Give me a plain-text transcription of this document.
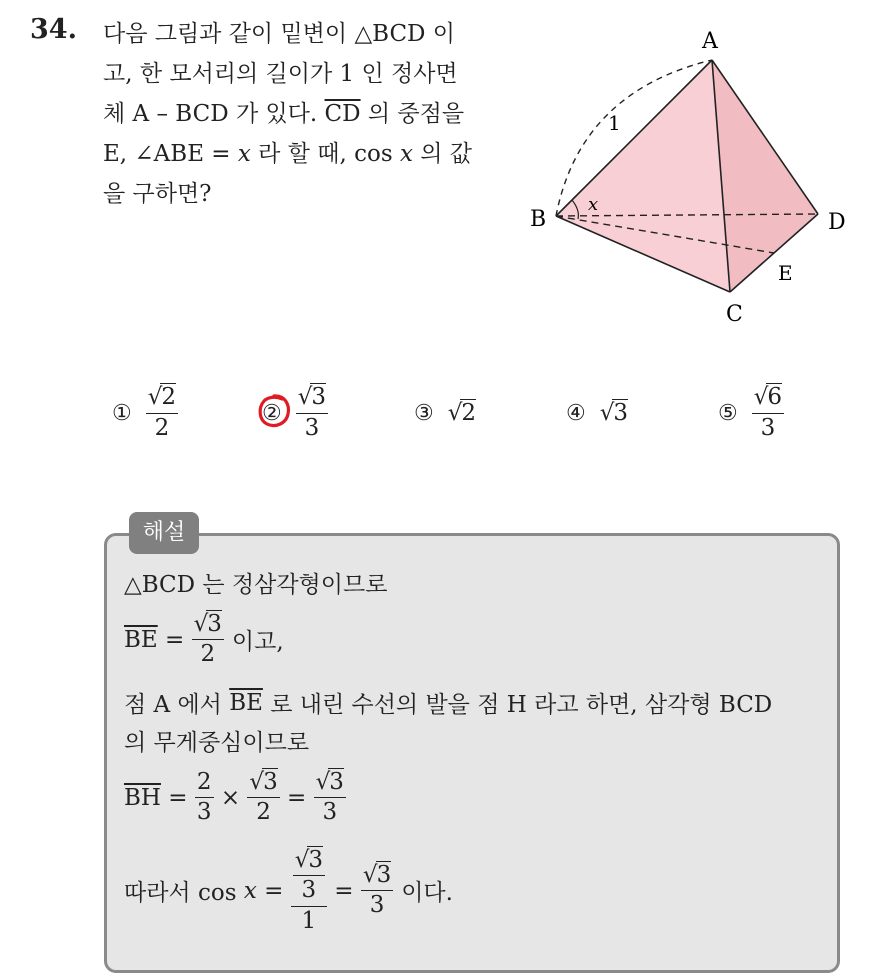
34. 다음 그림과 같이 밑변이 △BCD 이
고, 한 모서리의 길이가 1 인 정사면
체 A – BCD 가 있다. $\overline{CD}$ 의 중점을
E, ∠ABE = x 라 할 때, cos x 의 값
을 구하면?
A
B
C
D
E
x
1
① $\frac{√2}{2}$	② $\frac{√3}{3}$	③ √2	④ √3	⑤ $\frac{√6}{3}$
해설
△BCD 는 정삼각형이므로
$\overline{BE} = \frac{√3}{2}$ 이고,
점 A 에서 $\overline{BE}$ 로 내린 수선의 발을 점 H 라고 하면, 삼각형 BCD
의 무게중심이므로
$\overline{BH} = \frac{2}{3} \times \frac{√3}{2} = \frac{√3}{3}$
따라서 $\cos x = \frac{\frac{√3}{3}}{1} = \frac{√3}{3}$ 이다.
